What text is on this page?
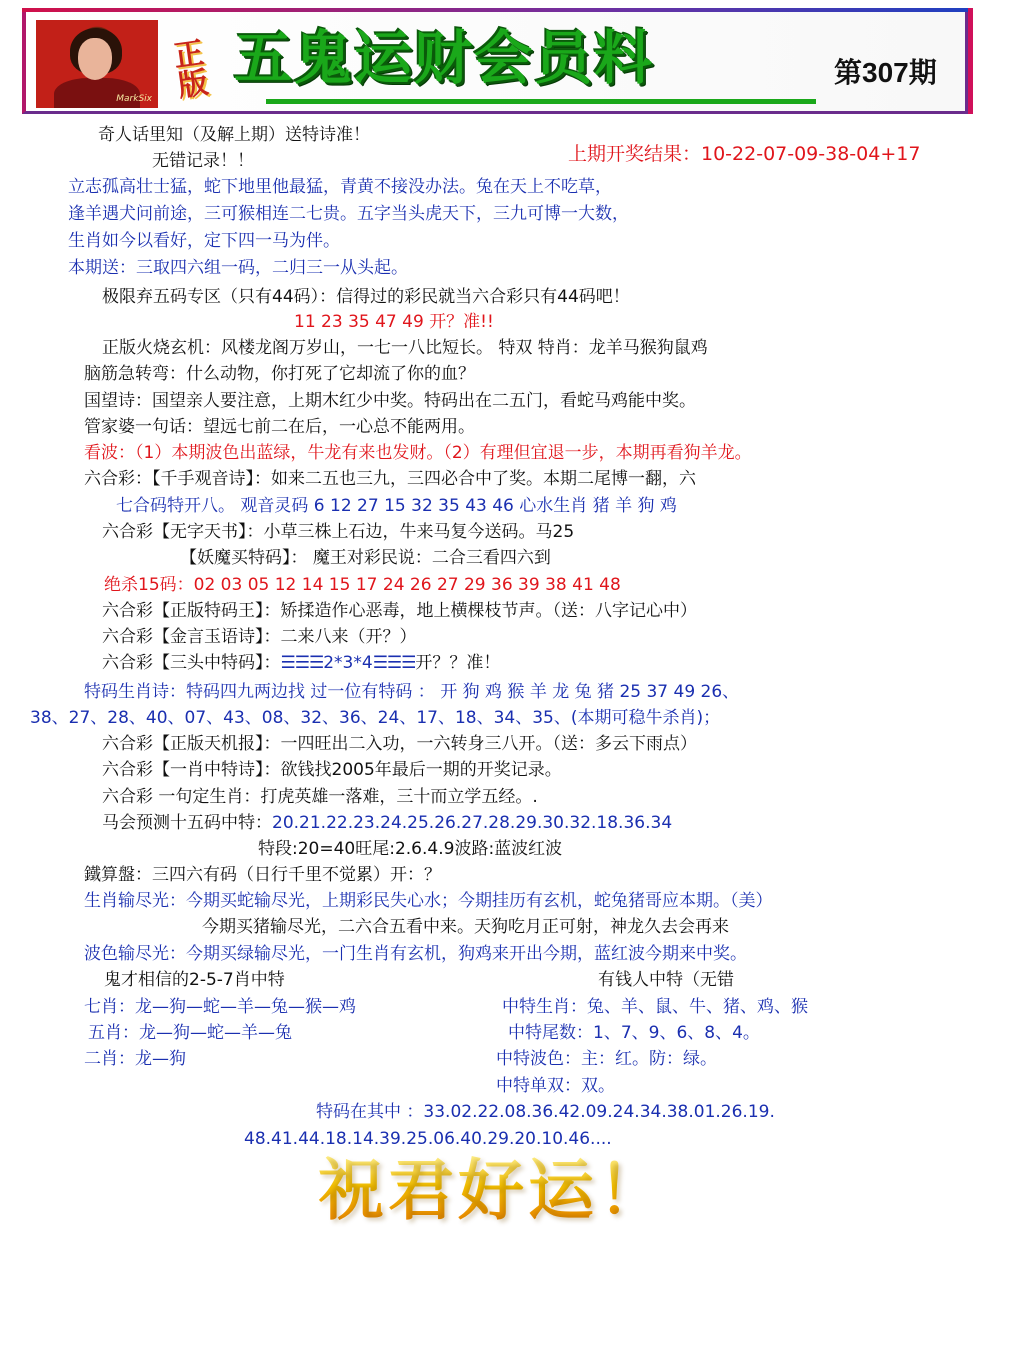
MarkSix
正版 五鬼运财会员料	第307期
奇人话里知（及解上期）送特诗准！
无错记录！！	上期开奖结果：10-22-07-09-38-04+17
立志孤高壮士猛，蛇下地里他最猛，青黄不接没办法。兔在天上不吃草，
逢羊遇犬问前途，三可猴相连二七贵。五字当头虎天下，三九可博一大数，
生肖如今以看好，定下四一马为伴。
本期送：三取四六组一码，二归三一从头起。
极限弃五码专区（只有44码）：信得过的彩民就当六合彩只有44码吧！
11 23 35 47 49 开？准!!
正版火烧玄机：风楼龙阁万岁山，一七一八比短长。 特双 特肖：龙羊马猴狗鼠鸡
脑筋急转弯：什么动物，你打死了它却流了你的血？
国望诗：国望亲人要注意，上期木红少中奖。特码出在二五门，看蛇马鸡能中奖。
管家婆一句话：望远七前二在后，一心总不能两用。
看波：（1）本期波色出蓝绿，牛龙有来也发财。（2）有理但宜退一步，本期再看狗羊龙。
六合彩：【千手观音诗】：如来二五也三九，三四必合中了奖。本期二尾博一翻，六
七合码特开八。 观音灵码 6 12 27 15 32 35 43 46 心水生肖 猪 羊 狗 鸡
六合彩【无字天书】：小草三株上石边，牛来马复今送码。马25
【妖魔买特码】： 魔王对彩民说：二合三看四六到
绝杀15码：02 03 05 12 14 15 17 24 26 27 29 36 39 38 41 48
六合彩【正版特码王】：矫揉造作心恶毒，地上横棵枝节声。（送：八字记心中）
六合彩【金言玉语诗】：二来八来（开？）
六合彩【三头中特码】：☰☰☰2*3*4☰☰☰开？？准！
特码生肖诗：特码四九两边找 过一位有特码 ： 开 狗 鸡 猴 羊 龙 兔 猪 25 37 49 26、
38、27、28、40、07、43、08、32、36、24、17、18、34、35、(本期可稳牛杀肖)；
六合彩【正版天机报】：一四旺出二入功，一六转身三八开。（送：多云下雨点）
六合彩【一肖中特诗】：欲钱找2005年最后一期的开奖记录。
六合彩 一句定生肖：打虎英雄一落难，三十而立学五经。.
马会预测十五码中特：20.21.22.23.24.25.26.27.28.29.30.32.18.36.34
特段:20=40旺尾:2.6.4.9波路:蓝波红波
鐵算盤：三四六有码（日行千里不觉累）开：？
生肖输尽光：今期买蛇输尽光，上期彩民失心水；今期挂历有玄机，蛇兔猪哥应本期。（美）
今期买猪输尽光，二六合五看中来。天狗吃月正可射，神龙久去会再来
波色输尽光：今期买绿输尽光，一门生肖有玄机，狗鸡来开出今期，蓝红波今期来中奖。
鬼才相信的2-5-7肖中特	有钱人中特（无错
七肖：龙—狗—蛇—羊—兔—猴—鸡
五肖：龙—狗—蛇—羊—兔
二肖：龙—狗
中特生肖：兔、羊、鼠、牛、猪、鸡、猴
中特尾数：1、7、9、6、8、4。
中特波色：主：红。防：绿。
中特单双：双。
特码在其中 ：33.02.22.08.36.42.09.24.34.38.01.26.19.
48.41.44.18.14.39.25.06.40.29.20.10.46....
祝君好运！
